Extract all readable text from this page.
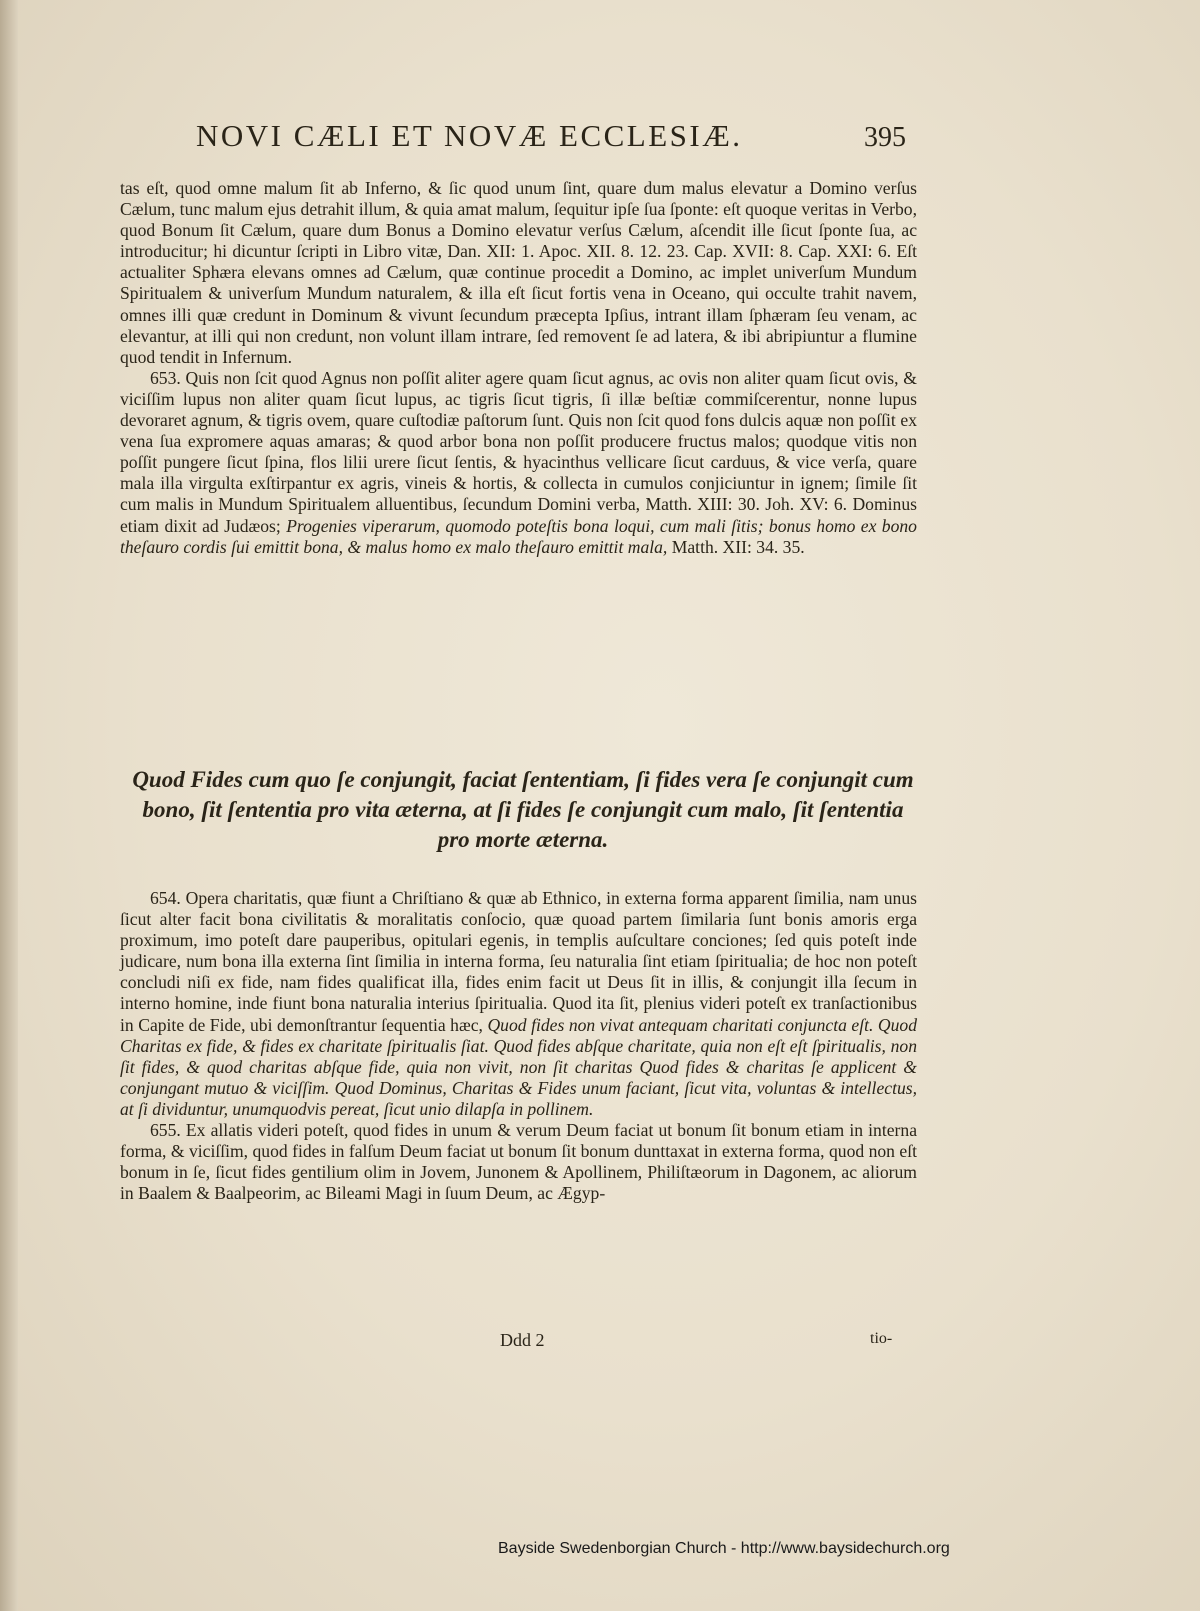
NOVI CÆLI ET NOVÆ ECCLESIÆ.	395

tas eſt, quod omne malum ſit ab Inferno, & ſic quod unum ſint, quare dum malus elevatur a Domino verſus Cælum, tunc malum ejus detrahit illum, & quia amat malum, ſequitur ipſe ſua ſponte: eſt quoque veritas in Verbo, quod Bonum ſit Cælum, quare dum Bonus a Domino elevatur verſus Cælum, aſcendit ille ſicut ſponte ſua, ac introducitur; hi dicuntur ſcripti in Libro vitæ, Dan. XII: 1. Apoc. XII. 8. 12. 23. Cap. XVII: 8. Cap. XXI: 6. Eſt actualiter Sphæra elevans omnes ad Cælum, quæ continue procedit a Domino, ac implet univerſum Mundum Spiritualem & univerſum Mundum naturalem, & illa eſt ſicut fortis vena in Oceano, qui occulte trahit navem, omnes illi quæ credunt in Dominum & vivunt ſecundum præcepta Ipſius, intrant illam ſphæram ſeu venam, ac elevantur, at illi qui non credunt, non volunt illam intrare, ſed removent ſe ad latera, & ibi abripiuntur a flumine quod tendit in Infernum.

653. Quis non ſcit quod Agnus non poſſit aliter agere quam ſicut agnus, ac ovis non aliter quam ſicut ovis, & viciſſim lupus non aliter quam ſicut lupus, ac tigris ſicut tigris, ſi illæ beſtiæ commiſcerentur, nonne lupus devoraret agnum, & tigris ovem, quare cuſtodiæ paſtorum ſunt. Quis non ſcit quod fons dulcis aquæ non poſſit ex vena ſua expromere aquas amaras; & quod arbor bona non poſſit producere fructus malos; quodque vitis non poſſit pungere ſicut ſpina, flos lilii urere ſicut ſentis, & hyacinthus vellicare ſicut carduus, & vice verſa, quare mala illa virgulta exſtirpantur ex agris, vineis & hortis, & collecta in cumulos conjiciuntur in ignem; ſimile ſit cum malis in Mundum Spiritualem alluentibus, ſecundum Domini verba, Matth. XIII: 30. Joh. XV: 6. Dominus etiam dixit ad Judæos; Progenies viperarum, quomodo poteſtis bona loqui, cum mali ſitis; bonus homo ex bono theſauro cordis ſui emittit bona, & malus homo ex malo theſauro emittit mala, Matth. XII: 34. 35.

Quod Fides cum quo ſe conjungit, faciat ſententiam, ſi fides vera ſe conjungit cum bono, ſit ſententia pro vita æterna, at ſi fides ſe conjungit cum malo, ſit ſententia pro morte æterna.

654. Opera charitatis, quæ fiunt a Chriſtiano & quæ ab Ethnico, in externa forma apparent ſimilia, nam unus ſicut alter facit bona civilitatis & moralitatis conſocio, quæ quoad partem ſimilaria ſunt bonis amoris erga proximum, imo poteſt dare pauperibus, opitulari egenis, in templis auſcultare conciones; ſed quis poteſt inde judicare, num bona illa externa ſint ſimilia in interna forma, ſeu naturalia ſint etiam ſpiritualia; de hoc non poteſt concludi niſi ex fide, nam fides qualificat illa, fides enim facit ut Deus ſit in illis, & conjungit illa ſecum in interno homine, inde fiunt bona naturalia interius ſpiritualia. Quod ita ſit, plenius videri poteſt ex tranſactionibus in Capite de Fide, ubi demonſtrantur ſequentia hæc, Quod fides non vivat antequam charitati conjuncta eſt. Quod Charitas ex fide, & fides ex charitate ſpiritualis ſiat. Quod fides abſque charitate, quia non eſt eſt ſpiritualis, non ſit fides, & quod charitas abſque fide, quia non vivit, non ſit charitas Quod fides & charitas ſe applicent & conjungant mutuo & viciſſim. Quod Dominus, Charitas & Fides unum faciant, ſicut vita, voluntas & intellectus, at ſi dividuntur, unumquodvis pereat, ſicut unio dilapſa in pollinem.

655. Ex allatis videri poteſt, quod fides in unum & verum Deum faciat ut bonum ſit bonum etiam in interna forma, & viciſſim, quod fides in falſum Deum faciat ut bonum ſit bonum dunttaxat in externa forma, quod non eſt bonum in ſe, ſicut fides gentilium olim in Jovem, Junonem & Apollinem, Philiſtæorum in Dagonem, ac aliorum in Baalem & Baalpeorim, ac Bileami Magi in ſuum Deum, ac Ægyp-

Ddd 2	tio-
Bayside Swedenborgian Church - http://www.baysidechurch.org
